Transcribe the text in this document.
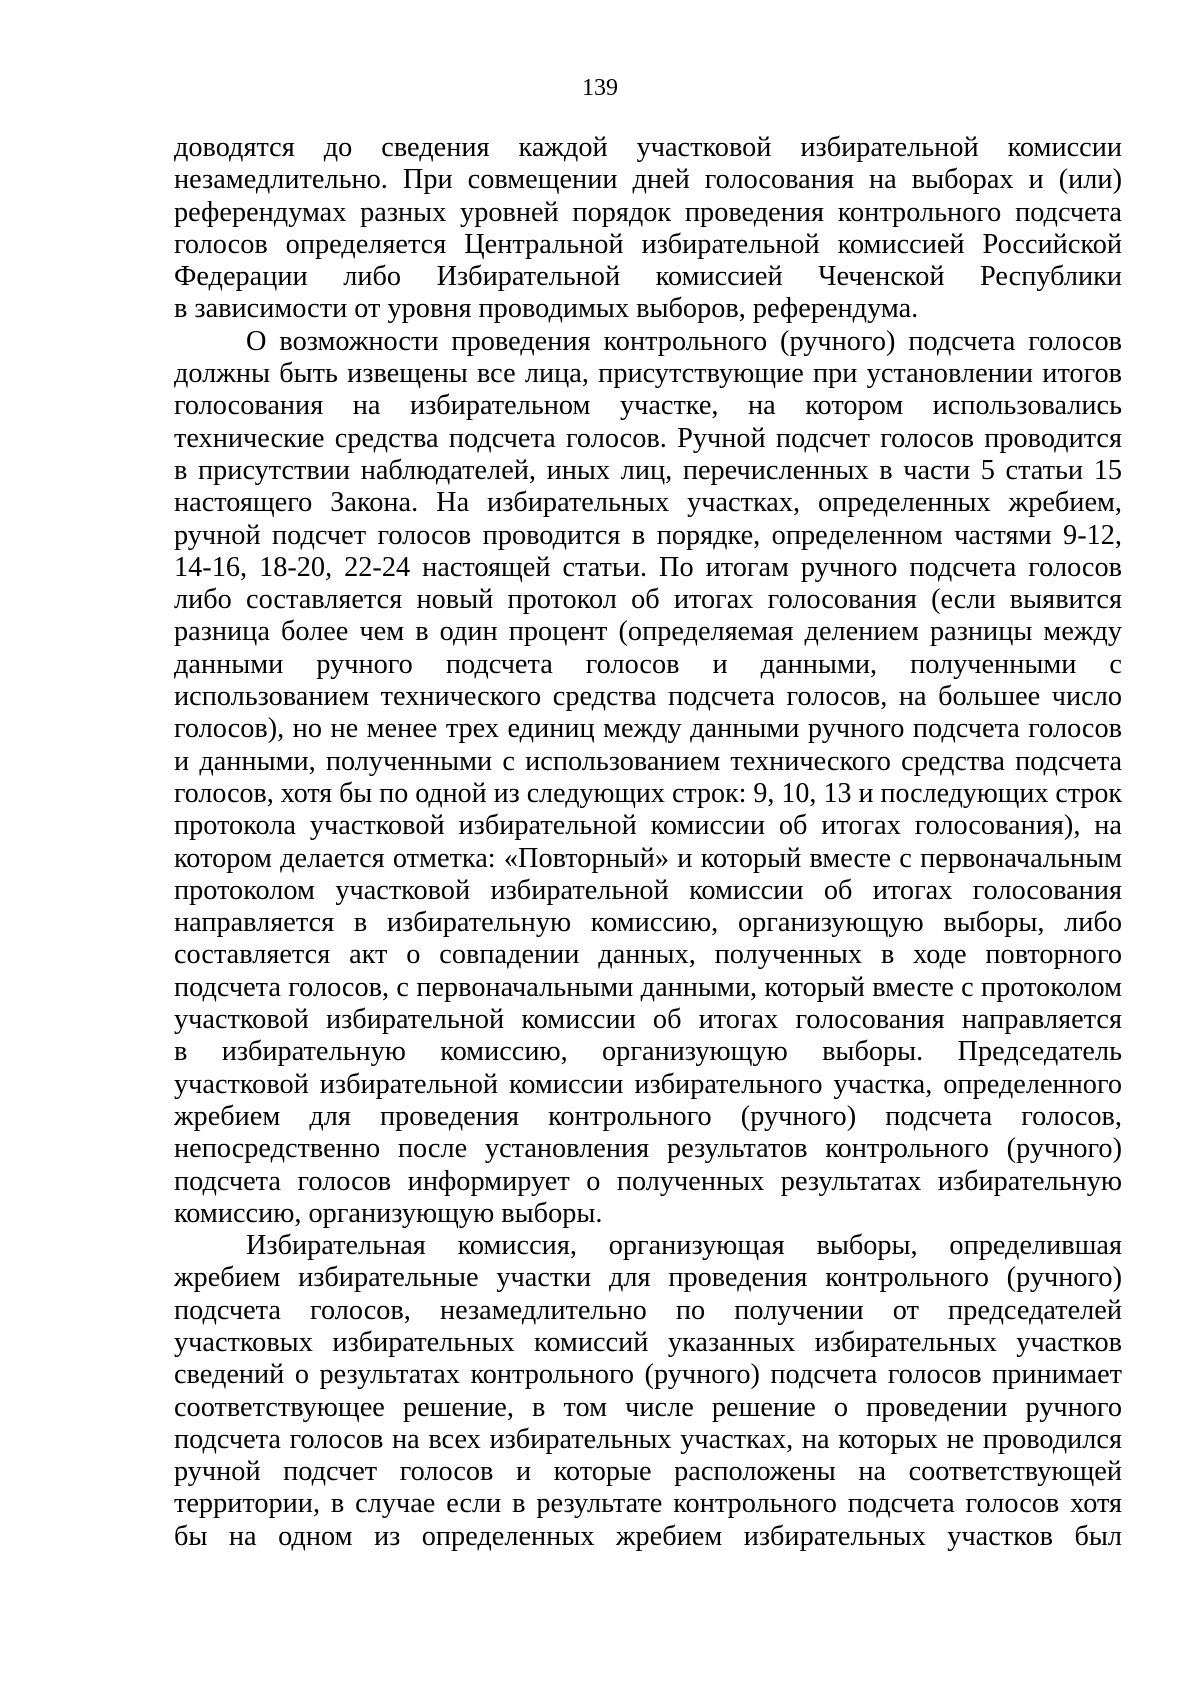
139
доводятся до сведения каждой участковой избирательной комиссии
незамедлительно. При совмещении дней голосования на выборах и (или)
референдумах разных уровней порядок проведения контрольного подсчета
голосов определяется Центральной избирательной комиссией Российской
Федерации либо Избирательной комиссией Чеченской Республики
в зависимости от уровня проводимых выборов, референдума.
О возможности проведения контрольного (ручного) подсчета голосов
должны быть извещены все лица, присутствующие при установлении итогов
голосования на избирательном участке, на котором использовались
технические средства подсчета голосов. Ручной подсчет голосов проводится
в присутствии наблюдателей, иных лиц, перечисленных в части 5 статьи 15
настоящего Закона. На избирательных участках, определенных жребием,
ручной подсчет голосов проводится в порядке, определенном частями 9-12,
14-16, 18-20, 22-24 настоящей статьи. По итогам ручного подсчета голосов
либо составляется новый протокол об итогах голосования (если выявится
разница более чем в один процент (определяемая делением разницы между
данными ручного подсчета голосов и данными, полученными с
использованием технического средства подсчета голосов, на большее число
голосов), но не менее трех единиц между данными ручного подсчета голосов
и данными, полученными с использованием технического средства подсчета
голосов, хотя бы по одной из следующих строк: 9, 10, 13 и последующих строк
протокола участковой избирательной комиссии об итогах голосования), на
котором делается отметка: «Повторный» и который вместе с первоначальным
протоколом участковой избирательной комиссии об итогах голосования
направляется в избирательную комиссию, организующую выборы, либо
составляется акт о совпадении данных, полученных в ходе повторного
подсчета голосов, с первоначальными данными, который вместе с протоколом
участковой избирательной комиссии об итогах голосования направляется
в избирательную комиссию, организующую выборы. Председатель
участковой избирательной комиссии избирательного участка, определенного
жребием для проведения контрольного (ручного) подсчета голосов,
непосредственно после установления результатов контрольного (ручного)
подсчета голосов информирует о полученных результатах избирательную
комиссию, организующую выборы.
Избирательная комиссия, организующая выборы, определившая
жребием избирательные участки для проведения контрольного (ручного)
подсчета голосов, незамедлительно по получении от председателей
участковых избирательных комиссий указанных избирательных участков
сведений о результатах контрольного (ручного) подсчета голосов принимает
соответствующее решение, в том числе решение о проведении ручного
подсчета голосов на всех избирательных участках, на которых не проводился
ручной подсчет голосов и которые расположены на соответствующей
территории, в случае если в результате контрольного подсчета голосов хотя
бы на одном из определенных жребием избирательных участков был
